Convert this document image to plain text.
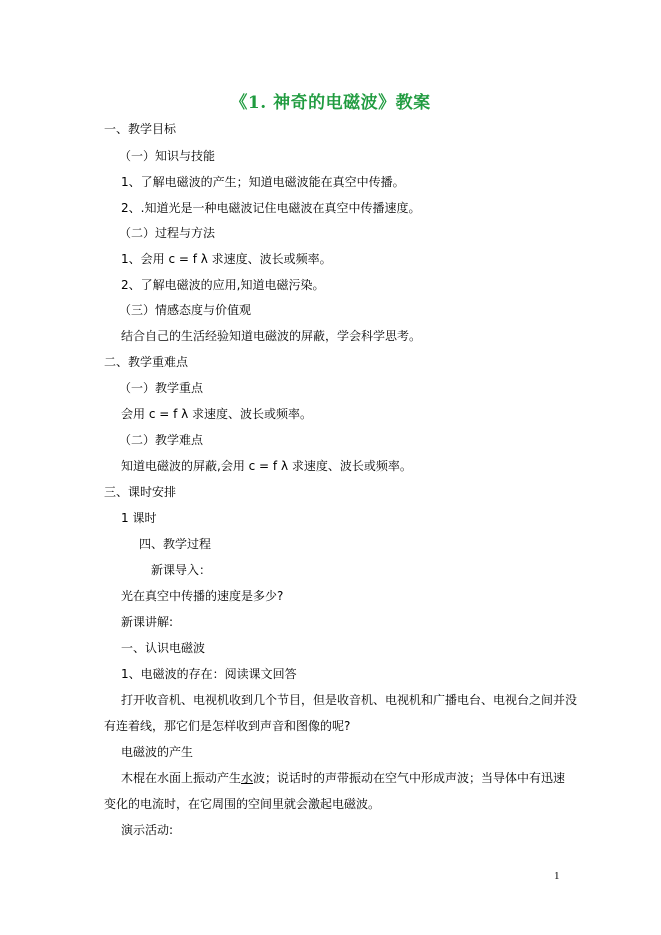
《1. 神奇的电磁波》教案
一、教学目标
（一）知识与技能
1、了解电磁波的产生；知道电磁波能在真空中传播。
2、.知道光是一种电磁波记住电磁波在真空中传播速度。
（二）过程与方法
1、会用 c = f λ 求速度、波长或频率。
2、了解电磁波的应用,知道电磁污染。
（三）情感态度与价值观
结合自己的生活经验知道电磁波的屏蔽，学会科学思考。
二、教学重难点
（一）教学重点
会用 c = f λ 求速度、波长或频率。
（二）教学难点
知道电磁波的屏蔽,会用 c = f λ 求速度、波长或频率。
三、课时安排
1 课时
四、教学过程
新课导入：
光在真空中传播的速度是多少?
新课讲解:
一、认识电磁波
1、电磁波的存在：阅读课文回答
打开收音机、电视机收到几个节目，但是收音机、电视机和广播电台、电视台之间并没
有连着线，那它们是怎样收到声音和图像的呢?
电磁波的产生
木棍在水面上振动产生水波；说话时的声带振动在空气中形成声波；当导体中有迅速
变化的电流时，在它周围的空间里就会激起电磁波。
演示活动:
1
